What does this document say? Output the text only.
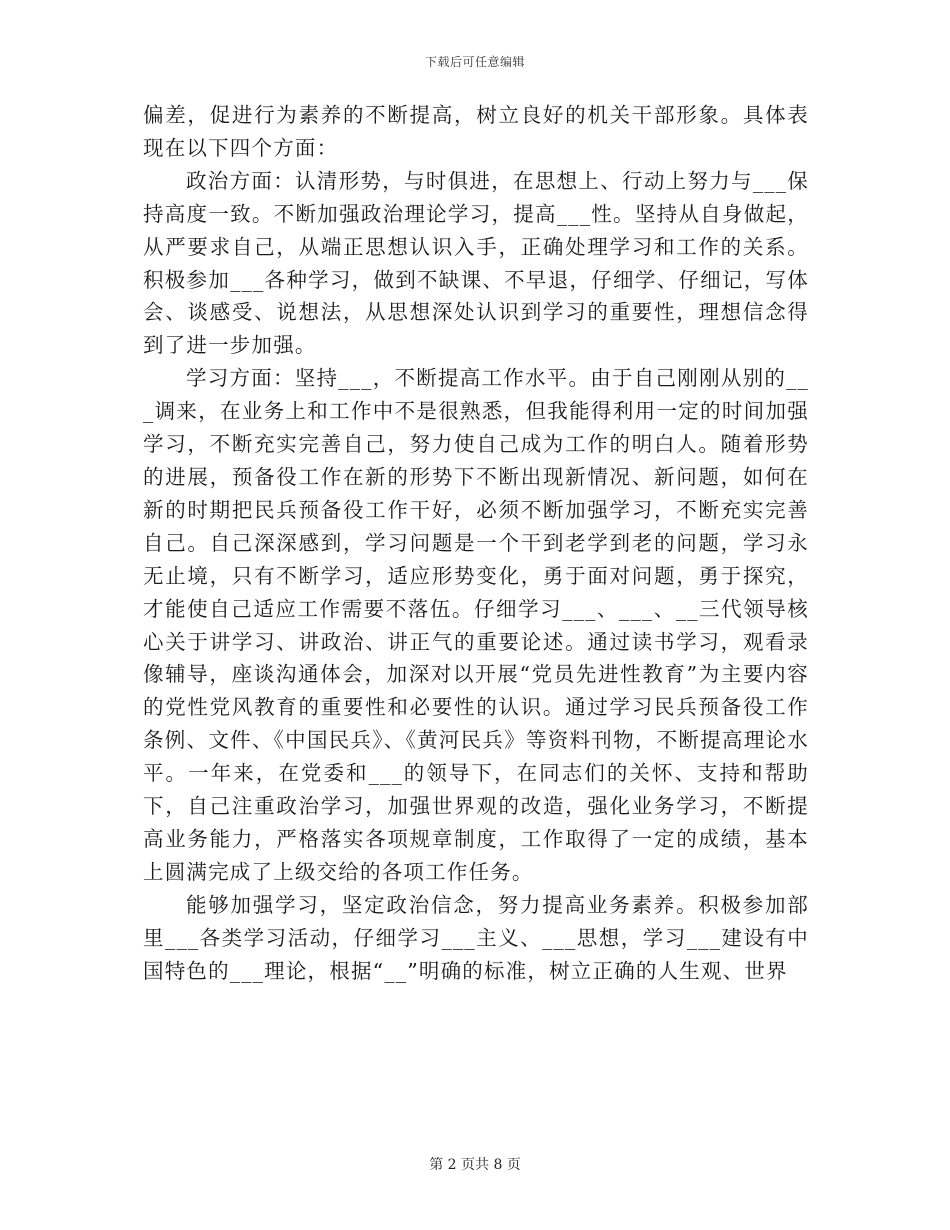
下载后可任意编辑

偏差，促进行为素养的不断提高，树立良好的机关干部形象。具体表现在以下四个方面：

政治方面：认清形势，与时俱进，在思想上、行动上努力与___保持高度一致。不断加强政治理论学习，提高___性。坚持从自身做起，从严要求自己，从端正思想认识入手，正确处理学习和工作的关系。积极参加___各种学习，做到不缺课、不早退，仔细学、仔细记，写体会、谈感受、说想法，从思想深处认识到学习的重要性，理想信念得到了进一步加强。

学习方面：坚持___，不断提高工作水平。由于自己刚刚从别的___调来，在业务上和工作中不是很熟悉，但我能得利用一定的时间加强学习，不断充实完善自己，努力使自己成为工作的明白人。随着形势的进展，预备役工作在新的形势下不断出现新情况、新问题，如何在新的时期把民兵预备役工作干好，必须不断加强学习，不断充实完善自己。自己深深感到，学习问题是一个干到老学到老的问题，学习永无止境，只有不断学习，适应形势变化，勇于面对问题，勇于探究，才能使自己适应工作需要不落伍。仔细学习___、___、__三代领导核心关于讲学习、讲政治、讲正气的重要论述。通过读书学习，观看录像辅导，座谈沟通体会，加深对以开展“党员先进性教育”为主要内容的党性党风教育的重要性和必要性的认识。通过学习民兵预备役工作条例、文件、《中国民兵》、《黄河民兵》等资料刊物，不断提高理论水平。一年来，在党委和___的领导下，在同志们的关怀、支持和帮助下，自己注重政治学习，加强世界观的改造，强化业务学习，不断提高业务能力，严格落实各项规章制度，工作取得了一定的成绩，基本上圆满完成了上级交给的各项工作任务。

能够加强学习，坚定政治信念，努力提高业务素养。积极参加部里___各类学习活动，仔细学习___主义、___思想，学习___建设有中国特色的___理论，根据“__”明确的标准，树立正确的人生观、世界

第 2 页共 8 页
